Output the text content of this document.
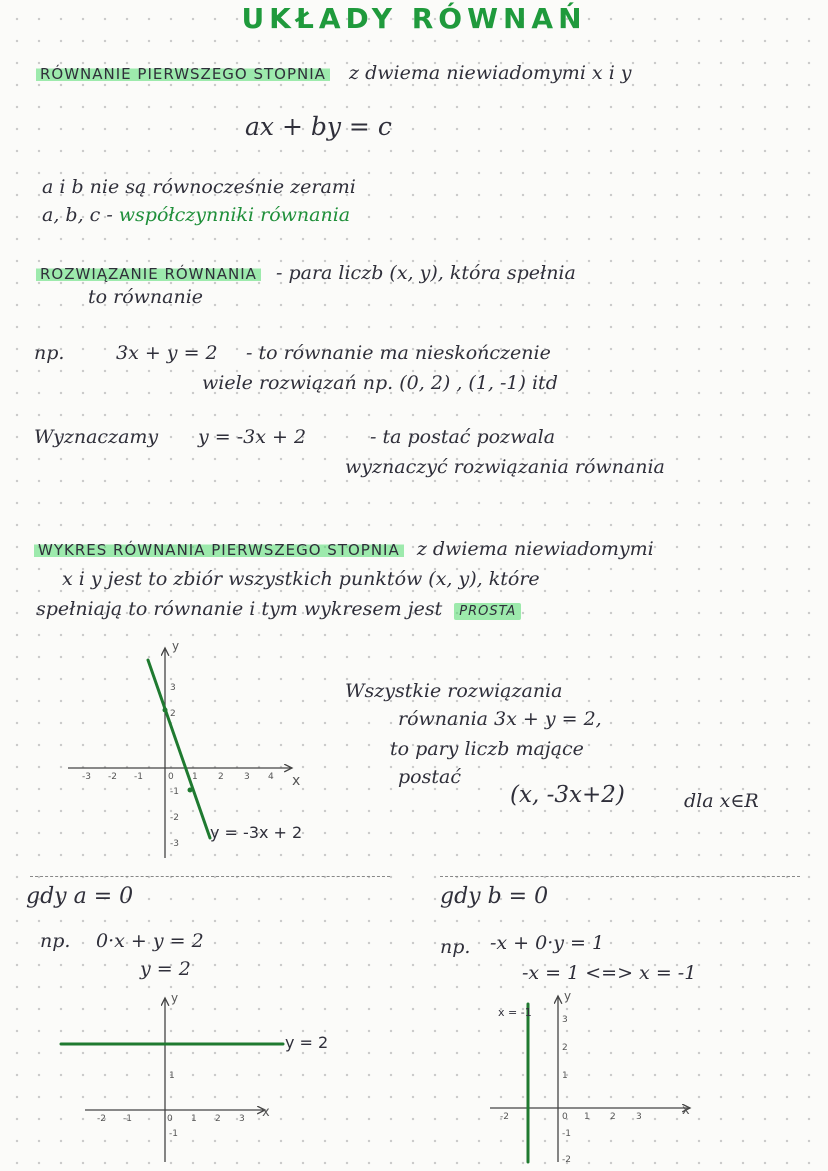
UKŁADY RÓWNAŃ
RÓWNANIE PIERWSZEGO STOPNIA z dwiema niewiadomymi x i y
ax + by = c
a i b nie są równocześnie zerami
a, b, c - współczynniki równania
ROZWIĄZANIE RÓWNANIA - para liczb (x, y), która spełnia
to równanie
np.	3x + y = 2 - to równanie ma nieskończenie
wiele rozwiązań np. (0, 2) , (1, -1) itd
Wyznaczamy y = -3x + 2	- ta postać pozwala
wyznaczyć rozwiązania równania
WYKRES RÓWNANIA PIERWSZEGO STOPNIA z dwiema niewiadomymi
x i y jest to zbiór wszystkich punktów (x, y), które
spełniają to równanie i tym wykresem jest PROSTA
Wszystkie rozwiązania
równania 3x + y = 2,
to pary liczb mające
postać
(x, -3x+2)	dla x∈R
-3 -2 -1	0 1 2 3 4
3
2
-1
-2
-3
x
y
y = -3x + 2
gdy a = 0
np. 0·x + y = 2
y = 2
-2 -1	0 1 2 3
1
-1
x
y
y = 2
gdy b = 0
np. -x + 0·y = 1
-x = 1 <=> x = -1
-2	0 1 2 3
3
2
1
-1
-2
x
y
x = -1
